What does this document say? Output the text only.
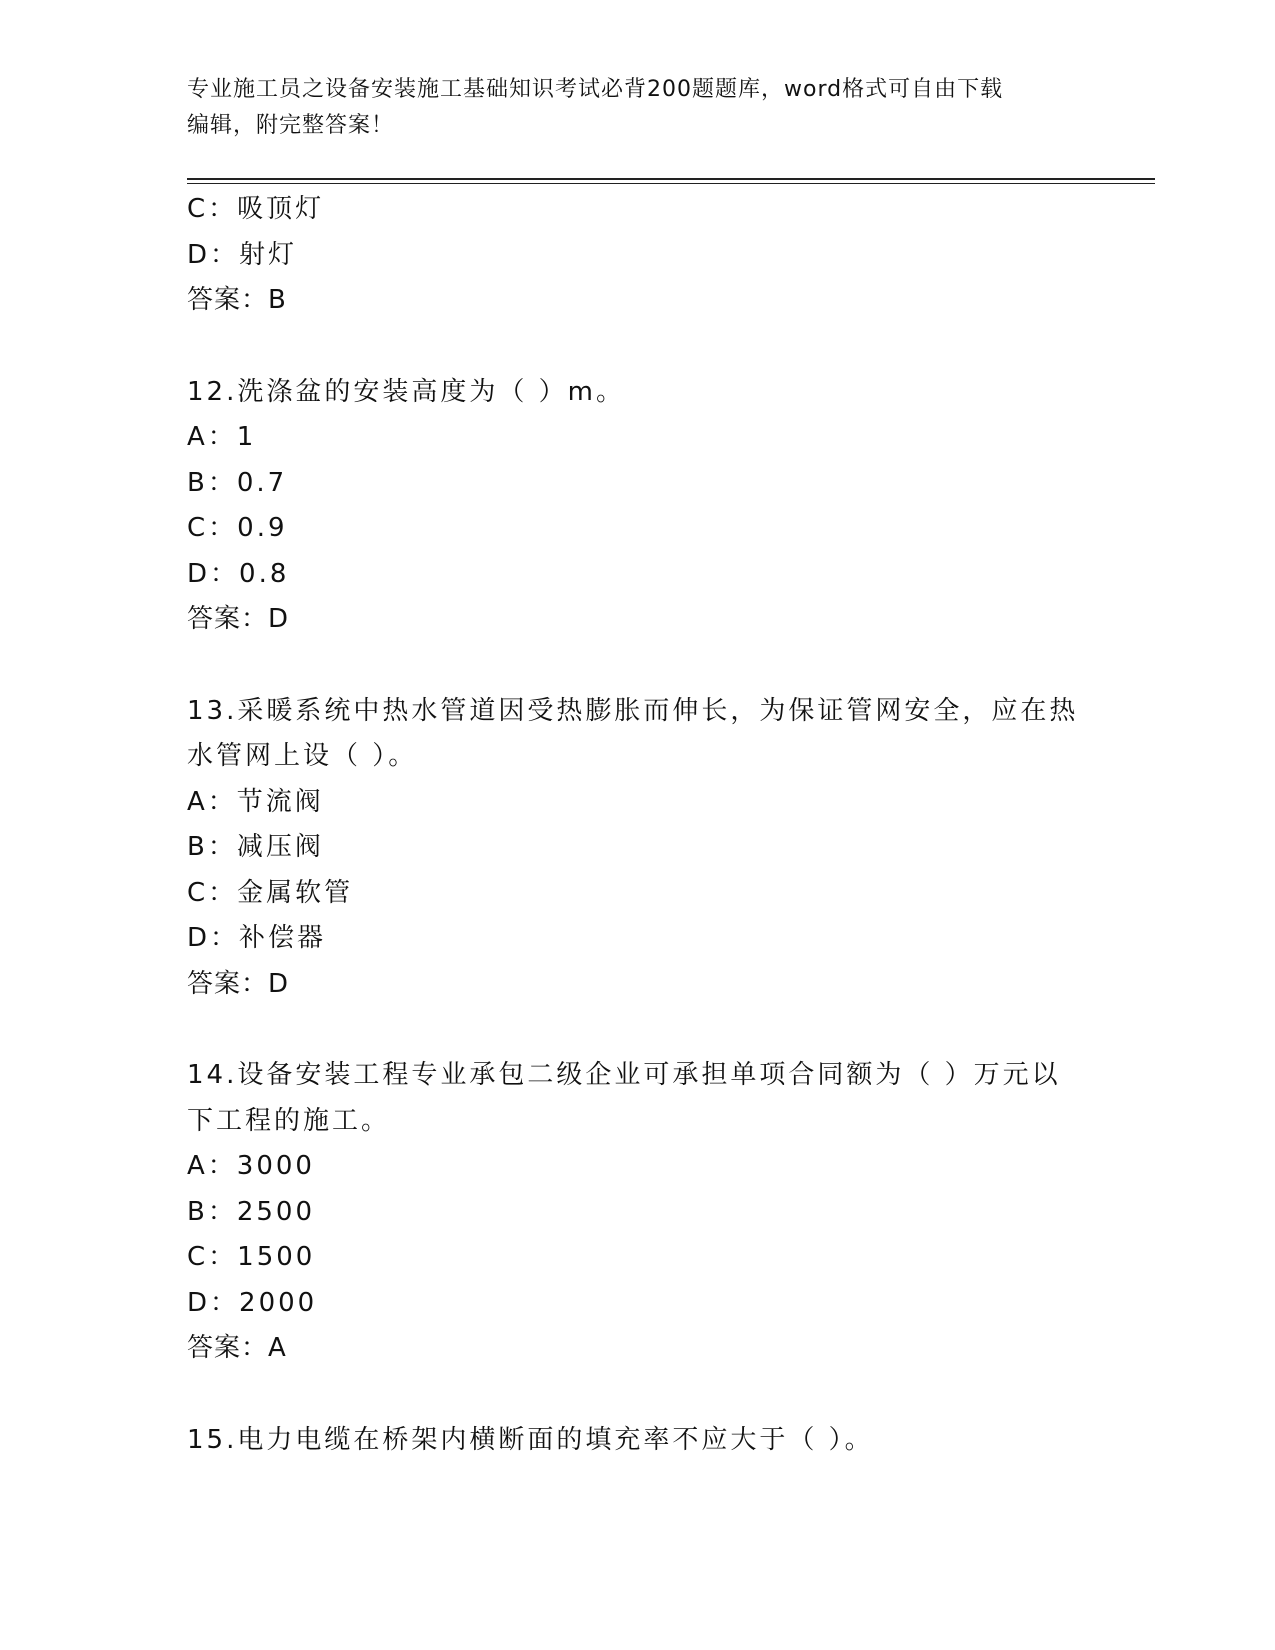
专业施工员之设备安装施工基础知识考试必背200题题库，word格式可自由下载
编辑，附完整答案！
C：吸顶灯
D：射灯
答案：B
12.洗涤盆的安装高度为（ ）m。
A：1
B：0.7
C：0.9
D：0.8
答案：D
13.采暖系统中热水管道因受热膨胀而伸长，为保证管网安全，应在热
水管网上设（ ）。
A：节流阀
B：减压阀
C：金属软管
D：补偿器
答案：D
14.设备安装工程专业承包二级企业可承担单项合同额为（ ）万元以
下工程的施工。
A：3000
B：2500
C：1500
D：2000
答案：A
15.电力电缆在桥架内横断面的填充率不应大于（ ）。
